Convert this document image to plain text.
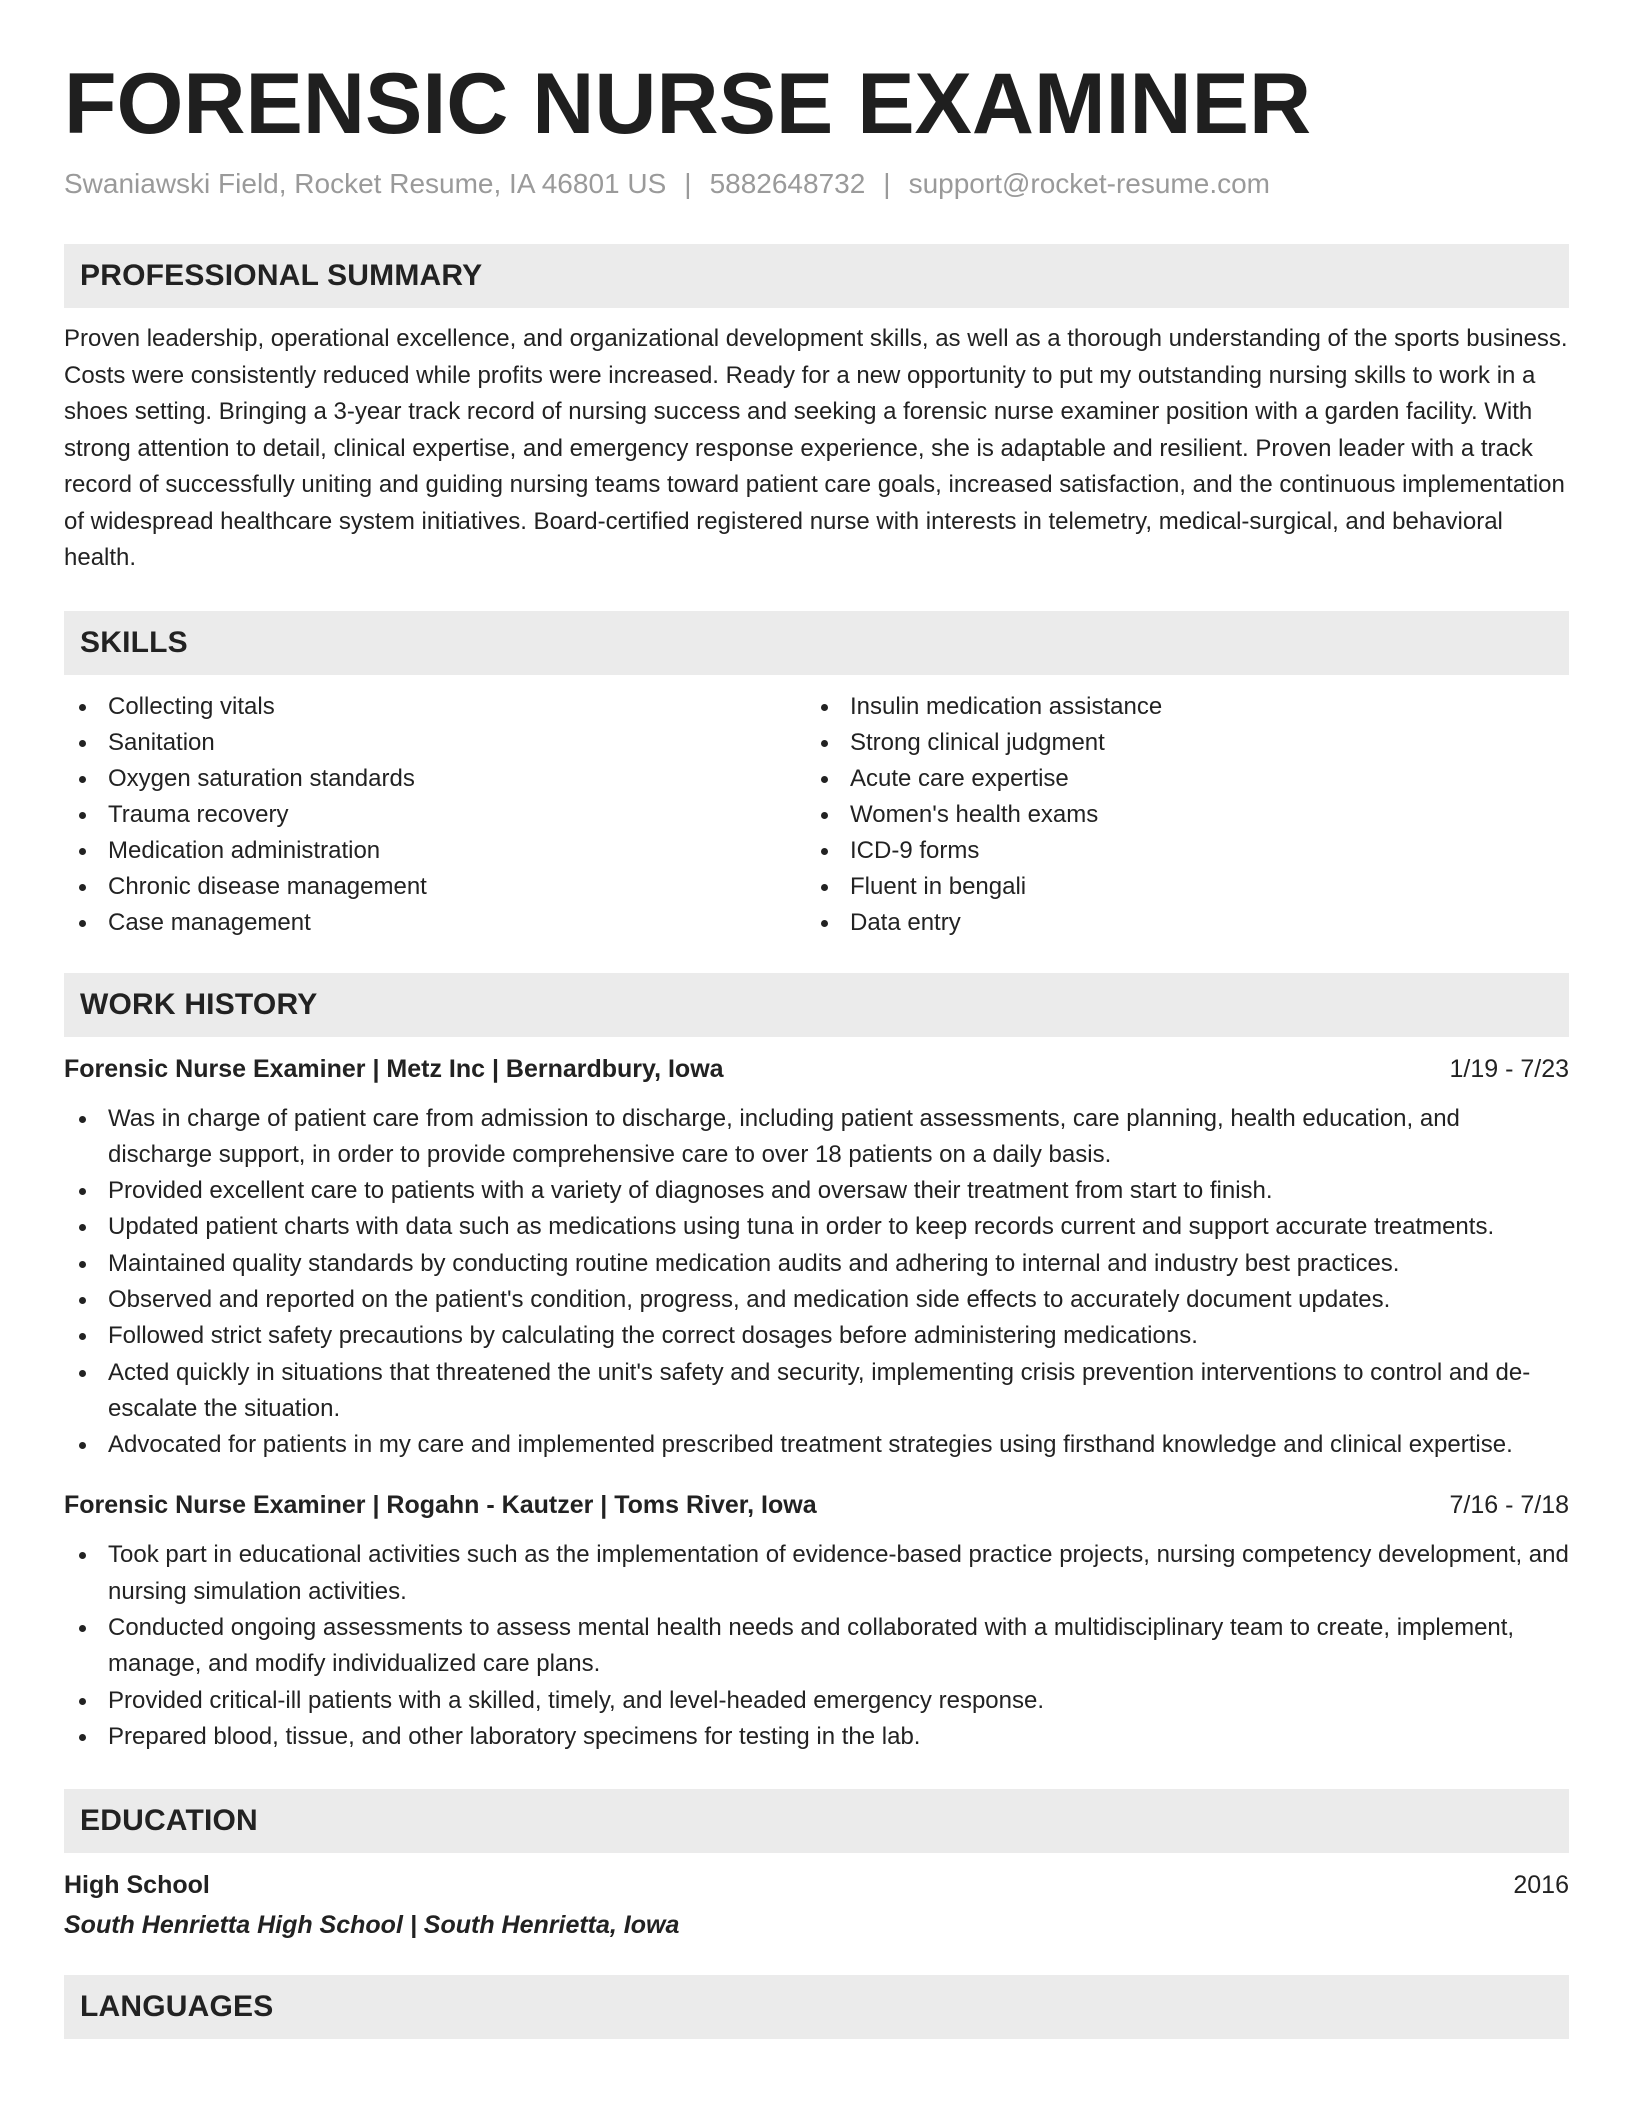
FORENSIC NURSE EXAMINER
Swaniawski Field, Rocket Resume, IA 46801 US | 5882648732 | support@rocket-resume.com
PROFESSIONAL SUMMARY

Proven leadership, operational excellence, and organizational development skills, as well as a thorough understanding of the sports business. Costs were consistently reduced while profits were increased. Ready for a new opportunity to put my outstanding nursing skills to work in a shoes setting. Bringing a 3-year track record of nursing success and seeking a forensic nurse examiner position with a garden facility. With strong attention to detail, clinical expertise, and emergency response experience, she is adaptable and resilient. Proven leader with a track record of successfully uniting and guiding nursing teams toward patient care goals, increased satisfaction, and the continuous implementation of widespread healthcare system initiatives. Board-certified registered nurse with interests in telemetry, medical-surgical, and behavioral health.

SKILLS
Collecting vitals
Sanitation
Oxygen saturation standards
Trauma recovery
Medication administration
Chronic disease management
Case management
Insulin medication assistance
Strong clinical judgment
Acute care expertise
Women's health exams
ICD-9 forms
Fluent in bengali
Data entry
WORK HISTORY
Forensic Nurse Examiner | Metz Inc | Bernardbury, Iowa	1/19 - 7/23
Was in charge of patient care from admission to discharge, including patient assessments, care planning, health education, and discharge support, in order to provide comprehensive care to over 18 patients on a daily basis.
Provided excellent care to patients with a variety of diagnoses and oversaw their treatment from start to finish.
Updated patient charts with data such as medications using tuna in order to keep records current and support accurate treatments.
Maintained quality standards by conducting routine medication audits and adhering to internal and industry best practices.
Observed and reported on the patient's condition, progress, and medication side effects to accurately document updates.
Followed strict safety precautions by calculating the correct dosages before administering medications.
Acted quickly in situations that threatened the unit's safety and security, implementing crisis prevention interventions to control and de-escalate the situation.
Advocated for patients in my care and implemented prescribed treatment strategies using firsthand knowledge and clinical expertise.
Forensic Nurse Examiner | Rogahn - Kautzer | Toms River, Iowa	7/16 - 7/18
Took part in educational activities such as the implementation of evidence-based practice projects, nursing competency development, and nursing simulation activities.
Conducted ongoing assessments to assess mental health needs and collaborated with a multidisciplinary team to create, implement, manage, and modify individualized care plans.
Provided critical-ill patients with a skilled, timely, and level-headed emergency response.
Prepared blood, tissue, and other laboratory specimens for testing in the lab.
EDUCATION
High School	2016
South Henrietta High School | South Henrietta, Iowa
LANGUAGES
